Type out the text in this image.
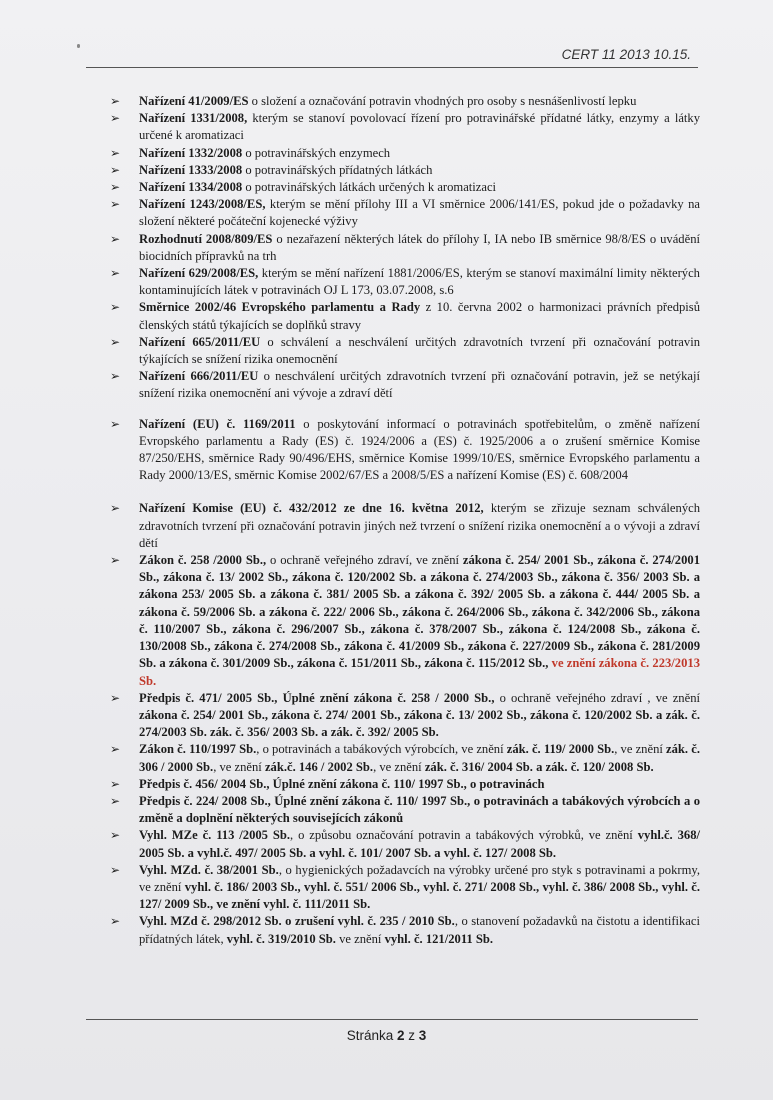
CERT 11 2013 10.15.
➢ Nařízení 41/2009/ES o složení a označování potravin vhodných pro osoby s nesnášenlivostí lepku
➢ Nařízení 1331/2008, kterým se stanoví povolovací řízení pro potravinářské přídatné látky, enzymy a látky určené k aromatizaci
➢ Nařízení 1332/2008 o potravinářských enzymech
➢ Nařízení 1333/2008 o potravinářských přídatných látkách
➢ Nařízení 1334/2008 o potravinářských látkách určených k aromatizaci
➢ Nařízení 1243/2008/ES, kterým se mění přílohy III a VI směrnice 2006/141/ES, pokud jde o požadavky na složení některé počáteční kojenecké výživy
➢ Rozhodnutí 2008/809/ES o nezařazení některých látek do přílohy I, IA nebo IB směrnice 98/8/ES o uvádění biocidních přípravků na trh
➢ Nařízení 629/2008/ES, kterým se mění nařízení 1881/2006/ES, kterým se stanoví maximální limity některých kontaminujících látek v potravinách OJ L 173, 03.07.2008, s.6
➢ Směrnice 2002/46 Evropského parlamentu a Rady z 10. června 2002 o harmonizaci právních předpisů členských států týkajících se doplňků stravy
➢ Nařízení 665/2011/EU o schválení a neschválení určitých zdravotních tvrzení při označování potravin týkajících se snížení rizika onemocnění
➢ Nařízení 666/2011/EU o neschválení určitých zdravotních tvrzení při označování potravin, jež se netýkají snížení rizika onemocnění ani vývoje a zdraví dětí
➢ Nařízení (EU) č. 1169/2011 o poskytování informací o potravinách spotřebitelům, o změně nařízení Evropského parlamentu a Rady (ES) č. 1924/2006 a (ES) č. 1925/2006 a o zrušení směrnice Komise 87/250/EHS, směrnice Rady 90/496/EHS, směrnice Komise 1999/10/ES, směrnice Evropského parlamentu a Rady 2000/13/ES, směrnic Komise 2002/67/ES a 2008/5/ES a nařízení Komise (ES) č. 608/2004
➢ Nařízení Komise (EU) č. 432/2012 ze dne 16. května 2012, kterým se zřizuje seznam schválených zdravotních tvrzení při označování potravin jiných než tvrzení o snížení rizika onemocnění a o vývoji a zdraví dětí
➢ Zákon č. 258 /2000 Sb., o ochraně veřejného zdraví, ve znění zákona č. 254/ 2001 Sb., zákona č. 274/2001 Sb., zákona č. 13/ 2002 Sb., zákona č. 120/2002 Sb. a zákona č. 274/2003 Sb., zákona č. 356/ 2003 Sb. a zákona 253/ 2005 Sb. a zákona č. 381/ 2005 Sb. a zákona č. 392/ 2005 Sb. a zákona č. 444/ 2005 Sb. a zákona č. 59/2006 Sb. a zákona č. 222/ 2006 Sb., zákona č. 264/2006 Sb., zákona č. 342/2006 Sb., zákona č. 110/2007 Sb., zákona č. 296/2007 Sb., zákona č. 378/2007 Sb., zákona č. 124/2008 Sb., zákona č. 130/2008 Sb., zákona č. 274/2008 Sb., zákona č. 41/2009 Sb., zákona č. 227/2009 Sb., zákona č. 281/2009 Sb. a zákona č. 301/2009 Sb., zákona č. 151/2011 Sb., zákona č. 115/2012 Sb., ve znění zákona č. 223/2013 Sb.
➢ Předpis č. 471/ 2005 Sb., Úplné znění zákona č. 258 / 2000 Sb., o ochraně veřejného zdraví , ve znění zákona č. 254/ 2001 Sb., zákona č. 274/ 2001 Sb., zákona č. 13/ 2002 Sb., zákona č. 120/2002 Sb. a zák. č. 274/2003 Sb. zák. č. 356/ 2003 Sb. a zák. č. 392/ 2005 Sb.
➢ Zákon č. 110/1997 Sb., o potravinách a tabákových výrobcích, ve znění zák. č. 119/ 2000 Sb., ve znění zák. č. 306 / 2000 Sb., ve znění zák.č. 146 / 2002 Sb., ve znění zák. č. 316/ 2004 Sb. a zák. č. 120/ 2008 Sb.
➢ Předpis č. 456/ 2004 Sb., Úplné znění zákona č. 110/ 1997 Sb., o potravinách
➢ Předpis č. 224/ 2008 Sb., Úplné znění zákona č. 110/ 1997 Sb., o potravinách a tabákových výrobcích a o změně a doplnění některých souvisejících zákonů
➢ Vyhl. MZe č. 113 /2005 Sb., o způsobu označování potravin a tabákových výrobků, ve znění vyhl.č. 368/ 2005 Sb. a vyhl.č. 497/ 2005 Sb. a vyhl. č. 101/ 2007 Sb. a vyhl. č. 127/ 2008 Sb.
➢ Vyhl. MZd. č. 38/2001 Sb., o hygienických požadavcích na výrobky určené pro styk s potravinami a pokrmy, ve znění vyhl. č. 186/ 2003 Sb., vyhl. č. 551/ 2006 Sb., vyhl. č. 271/ 2008 Sb., vyhl. č. 386/ 2008 Sb., vyhl. č. 127/ 2009 Sb., ve znění vyhl. č. 111/2011 Sb.
➢ Vyhl. MZd č. 298/2012 Sb. o zrušení vyhl. č. 235 / 2010 Sb., o stanovení požadavků na čistotu a identifikaci přídatných látek, vyhl. č. 319/2010 Sb. ve znění vyhl. č. 121/2011 Sb.
Stránka 2 z 3
